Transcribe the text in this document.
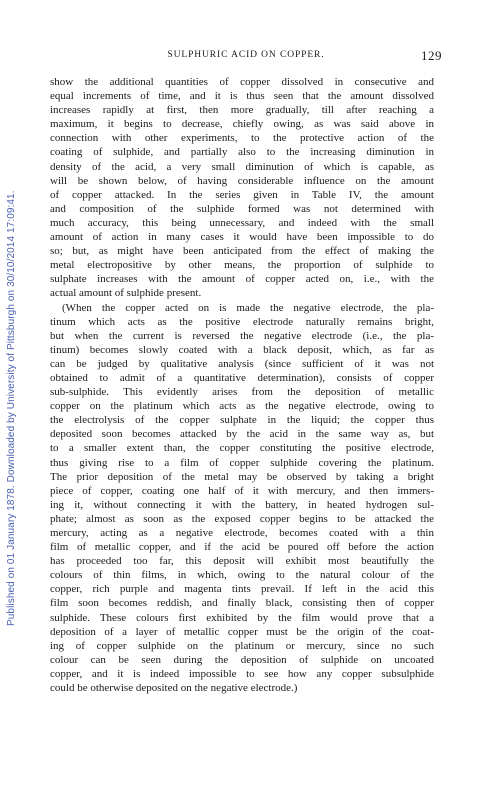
SULPHURIC ACID ON COPPER.	129
Published on 01 January 1878. Downloaded by University of Pittsburgh on 30/10/2014 17:09:41.
show the additional quantities of copper dissolved in consecutive and
equal increments of time, and it is thus seen that the amount dissolved
increases rapidly at first, then more gradually, till after reaching a
maximum, it begins to decrease, chiefly owing, as was said above in
connection with other experiments, to the protective action of the
coating of sulphide, and partially also to the increasing diminution in
density of the acid, a very small diminution of which is capable, as
will be shown below, of having considerable influence on the amount
of copper attacked. In the series given in Table IV, the amount
and composition of the sulphide formed was not determined with
much accuracy, this being unnecessary, and indeed with the small
amount of action in many cases it would have been impossible to do
so; but, as might have been anticipated from the effect of making the
metal electropositive by other means, the proportion of sulphide to
sulphate increases with the amount of copper acted on, i.e., with the
actual amount of sulphide present.
(When the copper acted on is made the negative electrode, the pla-
tinum which acts as the positive electrode naturally remains bright,
but when the current is reversed the negative electrode (i.e., the pla-
tinum) becomes slowly coated with a black deposit, which, as far as
can be judged by qualitative analysis (since sufficient of it was not
obtained to admit of a quantitative determination), consists of copper
sub-sulphide. This evidently arises from the deposition of metallic
copper on the platinum which acts as the negative electrode, owing to
the electrolysis of the copper sulphate in the liquid; the copper thus
deposited soon becomes attacked by the acid in the same way as, but
to a smaller extent than, the copper constituting the positive electrode,
thus giving rise to a film of copper sulphide covering the platinum.
The prior deposition of the metal may be observed by taking a bright
piece of copper, coating one half of it with mercury, and then immers-
ing it, without connecting it with the battery, in heated hydrogen sul-
phate; almost as soon as the exposed copper begins to be attacked the
mercury, acting as a negative electrode, becomes coated with a thin
film of metallic copper, and if the acid be poured off before the action
has proceeded too far, this deposit will exhibit most beautifully the
colours of thin films, in which, owing to the natural colour of the
copper, rich purple and magenta tints prevail. If left in the acid this
film soon becomes reddish, and finally black, consisting then of copper
sulphide. These colours first exhibited by the film would prove that a
deposition of a layer of metallic copper must be the origin of the coat-
ing of copper sulphide on the platinum or mercury, since no such
colour can be seen during the deposition of sulphide on uncoated
copper, and it is indeed impossible to see how any copper subsulphide
could be otherwise deposited on the negative electrode.)
